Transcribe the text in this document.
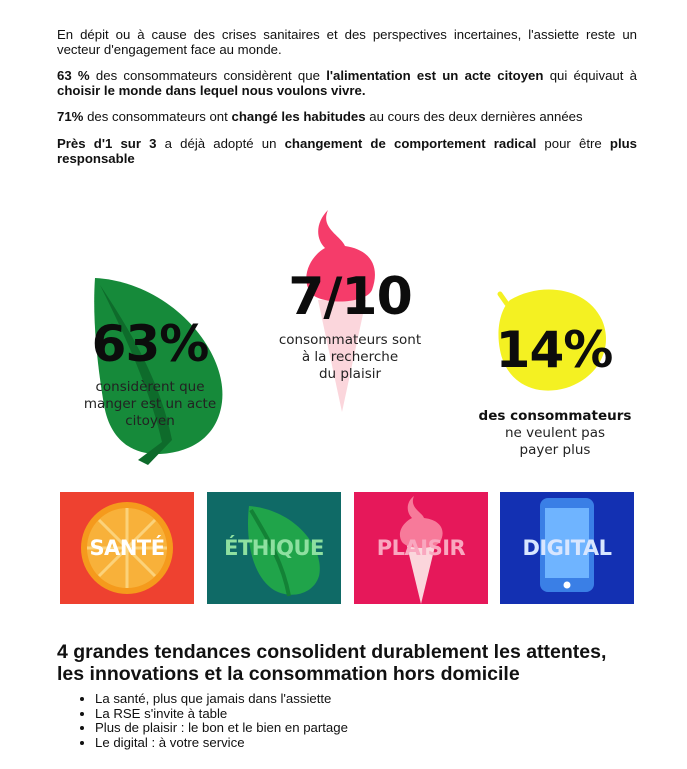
En dépit ou à cause des crises sanitaires et des perspectives incertaines, l'assiette reste un vecteur d'engagement face au monde.

63 % des consommateurs considèrent que l'alimentation est un acte citoyen qui équivaut à choisir le monde dans lequel nous voulons vivre.

71% des consommateurs ont changé les habitudes au cours des deux dernières années

Près d'1 sur 3 a déjà adopté un changement de comportement radical pour être plus responsable

63%
considèrent que
manger est un acte
citoyen
7/10
consommateurs sont
à la recherche
du plaisir	14%
des consommateurs
ne veulent pas
payer plus
SANTÉ	ÉTHIQUE	PLAISIR	DIGITAL
4 grandes tendances consolident durablement les attentes,
les innovations et la consommation hors domicile
• La santé, plus que jamais dans l'assiette
• La RSE s'invite à table
• Plus de plaisir : le bon et le bien en partage
• Le digital : à votre service
